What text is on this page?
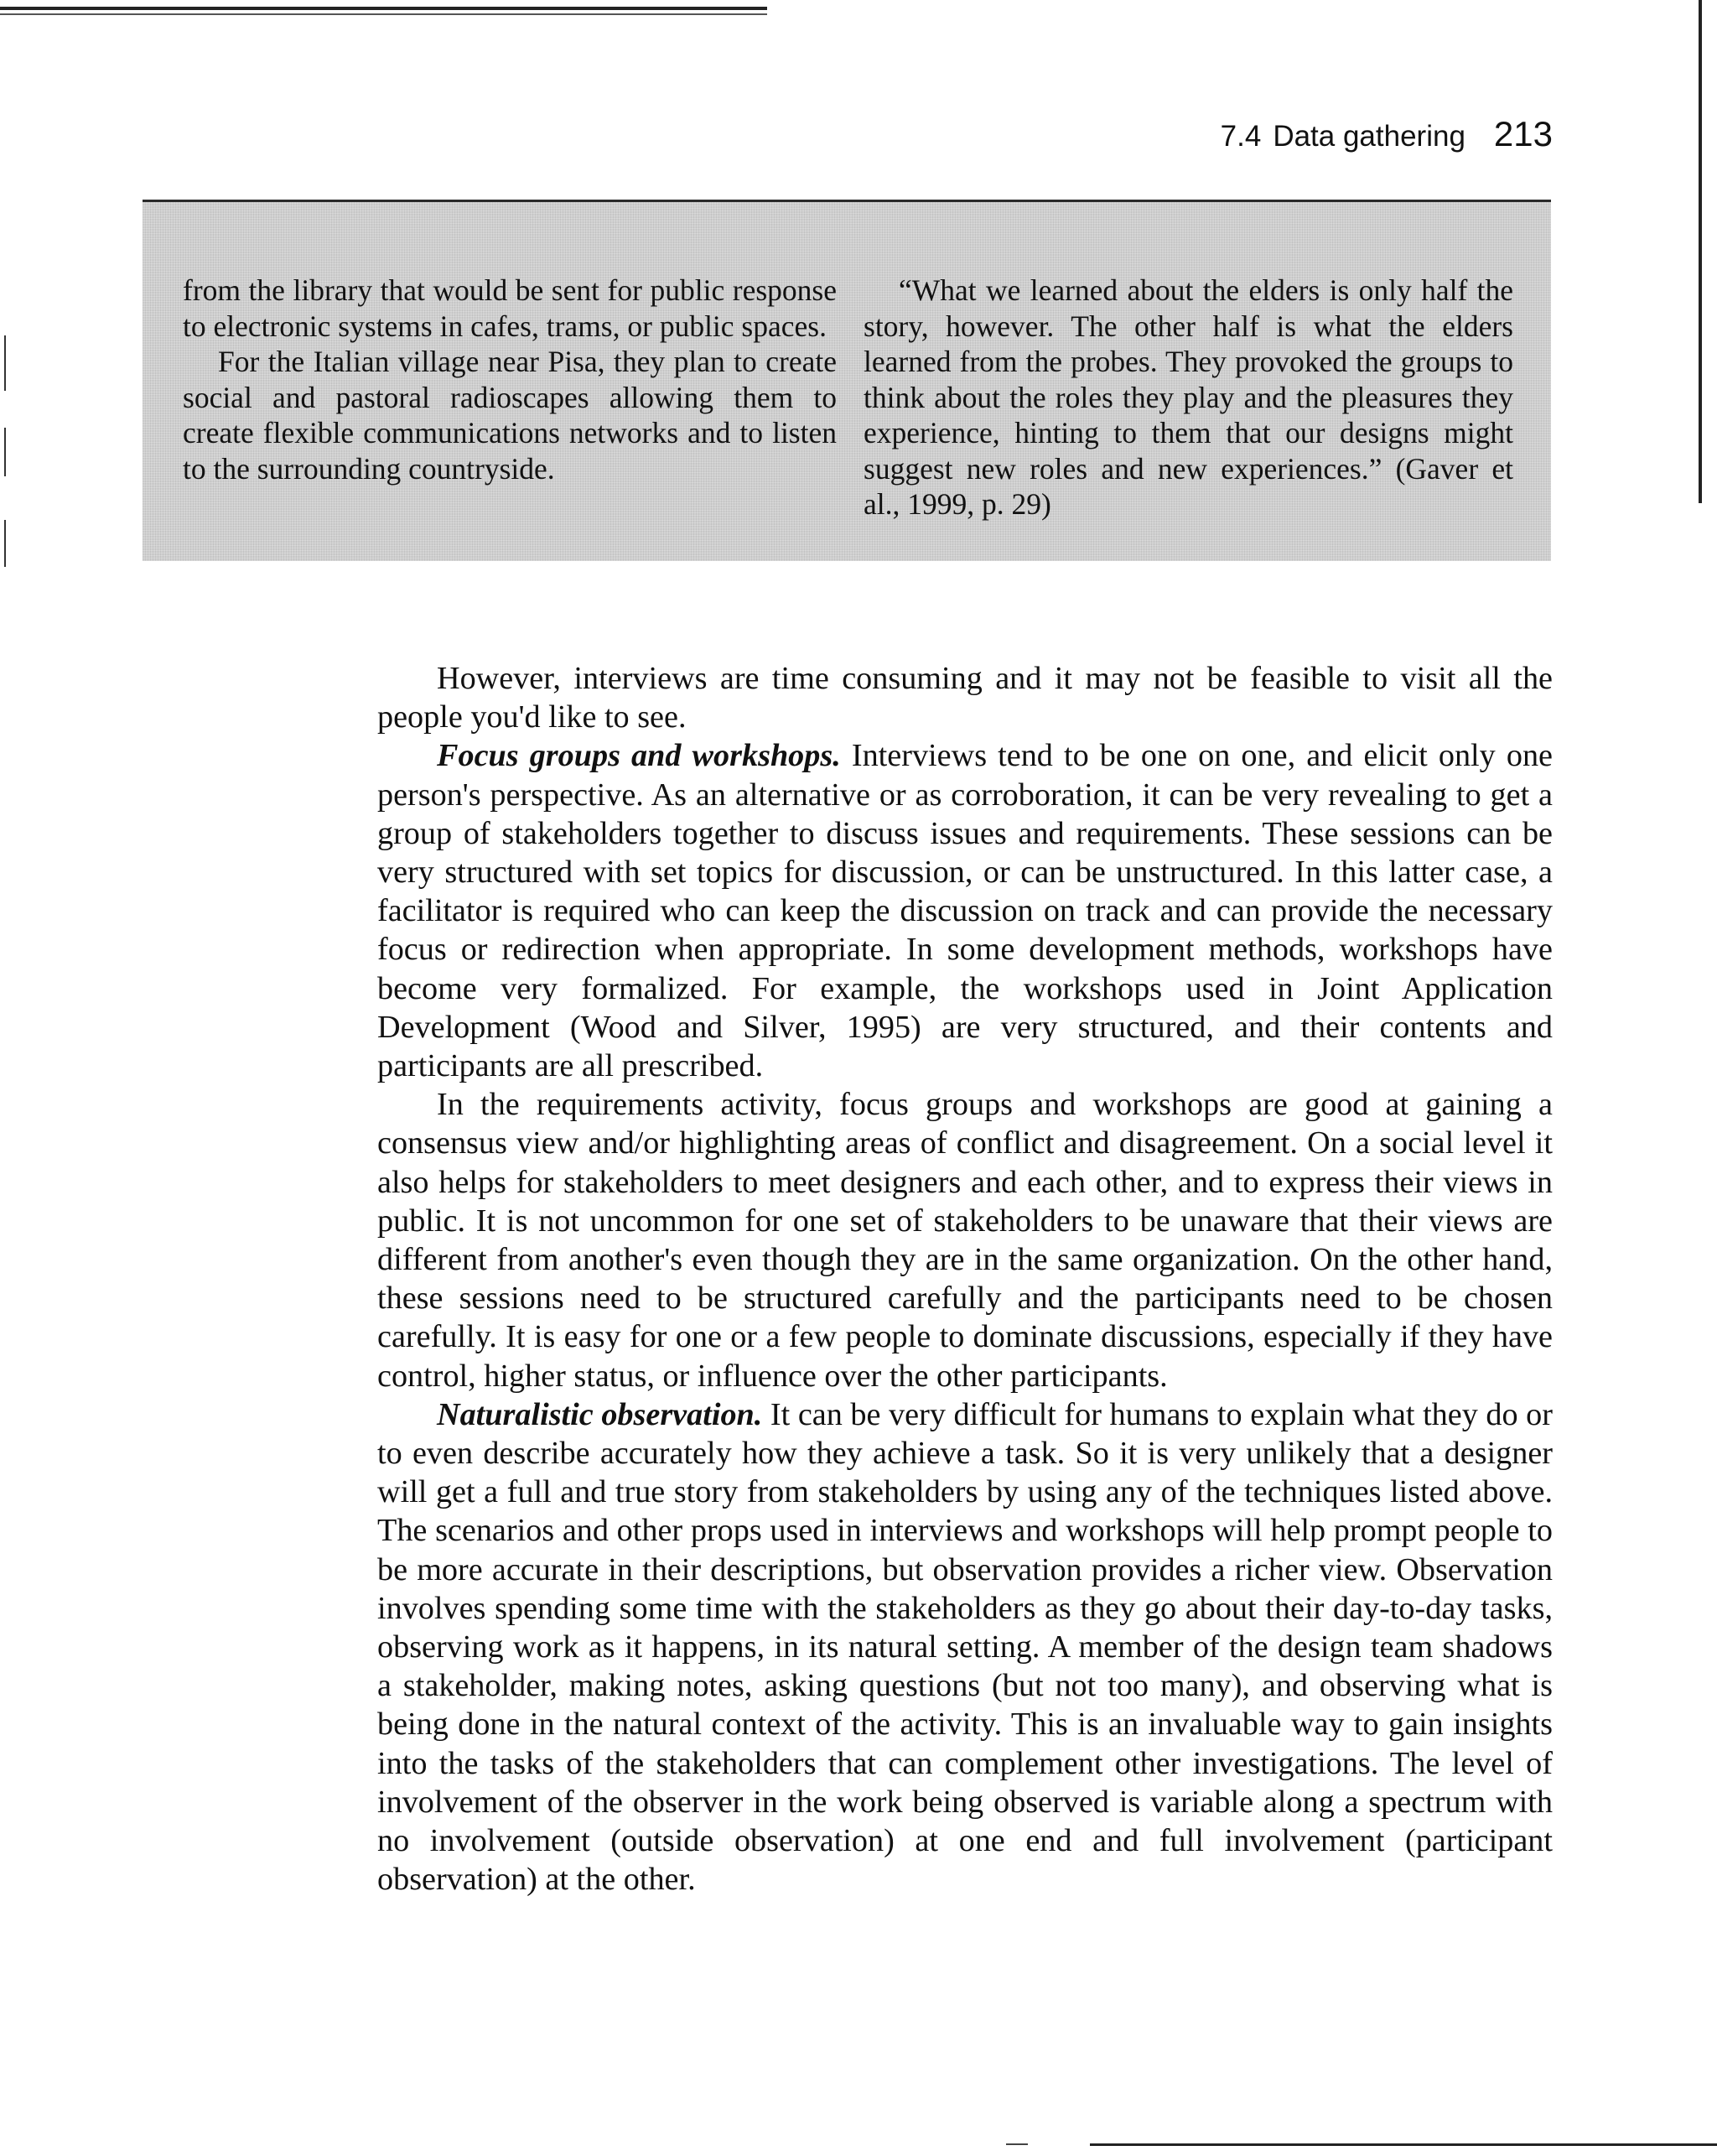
7.4 Data gathering 213

from the library that would be sent for public response to electronic systems in cafes, trams, or public spaces.

For the Italian village near Pisa, they plan to create social and pastoral radioscapes allowing them to create flexible communications networks and to listen to the surrounding countryside.

“What we learned about the elders is only half the story, however. The other half is what the elders learned from the probes. They provoked the groups to think about the roles they play and the pleasures they experience, hinting to them that our designs might suggest new roles and new experiences.” (Gaver et al., 1999, p. 29)

However, interviews are time consuming and it may not be feasible to visit all the people you'd like to see.

Focus groups and workshops. Interviews tend to be one on one, and elicit only one person's perspective. As an alternative or as corroboration, it can be very revealing to get a group of stakeholders together to discuss issues and requirements. These sessions can be very structured with set topics for discussion, or can be unstructured. In this latter case, a facilitator is required who can keep the discussion on track and can provide the necessary focus or redirection when appropriate. In some development methods, workshops have become very formalized. For example, the workshops used in Joint Application Development (Wood and Silver, 1995) are very structured, and their contents and participants are all prescribed.

In the requirements activity, focus groups and workshops are good at gaining a consensus view and/or highlighting areas of conflict and disagreement. On a social level it also helps for stakeholders to meet designers and each other, and to express their views in public. It is not uncommon for one set of stakeholders to be unaware that their views are different from another's even though they are in the same organization. On the other hand, these sessions need to be structured carefully and the participants need to be chosen carefully. It is easy for one or a few people to dominate discussions, especially if they have control, higher status, or influence over the other participants.

Naturalistic observation. It can be very difficult for humans to explain what they do or to even describe accurately how they achieve a task. So it is very unlikely that a designer will get a full and true story from stakeholders by using any of the techniques listed above. The scenarios and other props used in interviews and workshops will help prompt people to be more accurate in their descriptions, but observation provides a richer view. Observation involves spending some time with the stakeholders as they go about their day-to-day tasks, observing work as it happens, in its natural setting. A member of the design team shadows a stakeholder, making notes, asking questions (but not too many), and observing what is being done in the natural context of the activity. This is an invaluable way to gain insights into the tasks of the stakeholders that can complement other investigations. The level of involvement of the observer in the work being observed is variable along a spectrum with no involvement (outside observation) at one end and full involvement (participant observation) at the other.
